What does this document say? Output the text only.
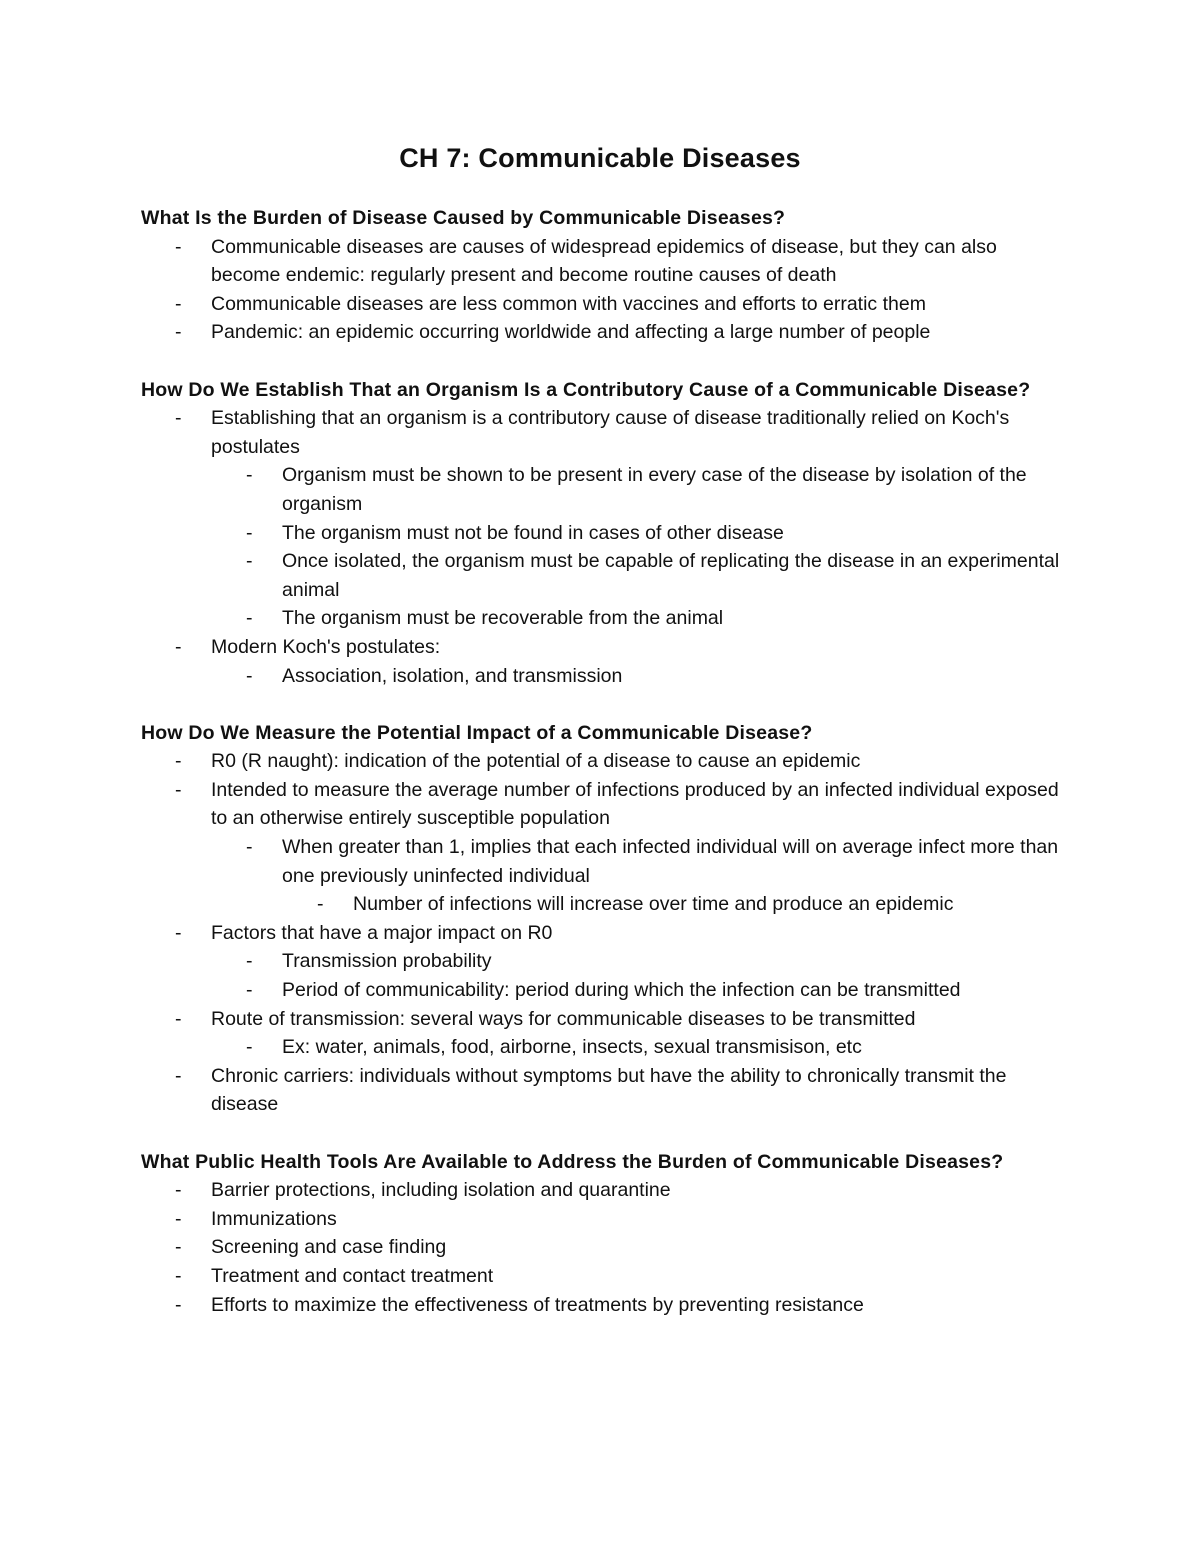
CH 7: Communicable Diseases

What Is the Burden of Disease Caused by Communicable Diseases?

- Communicable diseases are causes of widespread epidemics of disease, but they can also become endemic: regularly present and become routine causes of death
- Communicable diseases are less common with vaccines and efforts to erratic them
- Pandemic: an epidemic occurring worldwide and affecting a large number of people

How Do We Establish That an Organism Is a Contributory Cause of a Communicable Disease?

- Establishing that an organism is a contributory cause of disease traditionally relied on Koch's postulates
- Organism must be shown to be present in every case of the disease by isolation of the organism
- The organism must not be found in cases of other disease
- Once isolated, the organism must be capable of replicating the disease in an experimental animal
- The organism must be recoverable from the animal
- Modern Koch's postulates:
- Association, isolation, and transmission

How Do We Measure the Potential Impact of a Communicable Disease?

- R0 (R naught): indication of the potential of a disease to cause an epidemic
- Intended to measure the average number of infections produced by an infected individual exposed to an otherwise entirely susceptible population
- When greater than 1, implies that each infected individual will on average infect more than one previously uninfected individual
- Number of infections will increase over time and produce an epidemic
- Factors that have a major impact on R0
- Transmission probability
- Period of communicability: period during which the infection can be transmitted
- Route of transmission: several ways for communicable diseases to be transmitted
- Ex: water, animals, food, airborne, insects, sexual transmisison, etc
- Chronic carriers: individuals without symptoms but have the ability to chronically transmit the disease

What Public Health Tools Are Available to Address the Burden of Communicable Diseases?

- Barrier protections, including isolation and quarantine
- Immunizations
- Screening and case finding
- Treatment and contact treatment
- Efforts to maximize the effectiveness of treatments by preventing resistance
